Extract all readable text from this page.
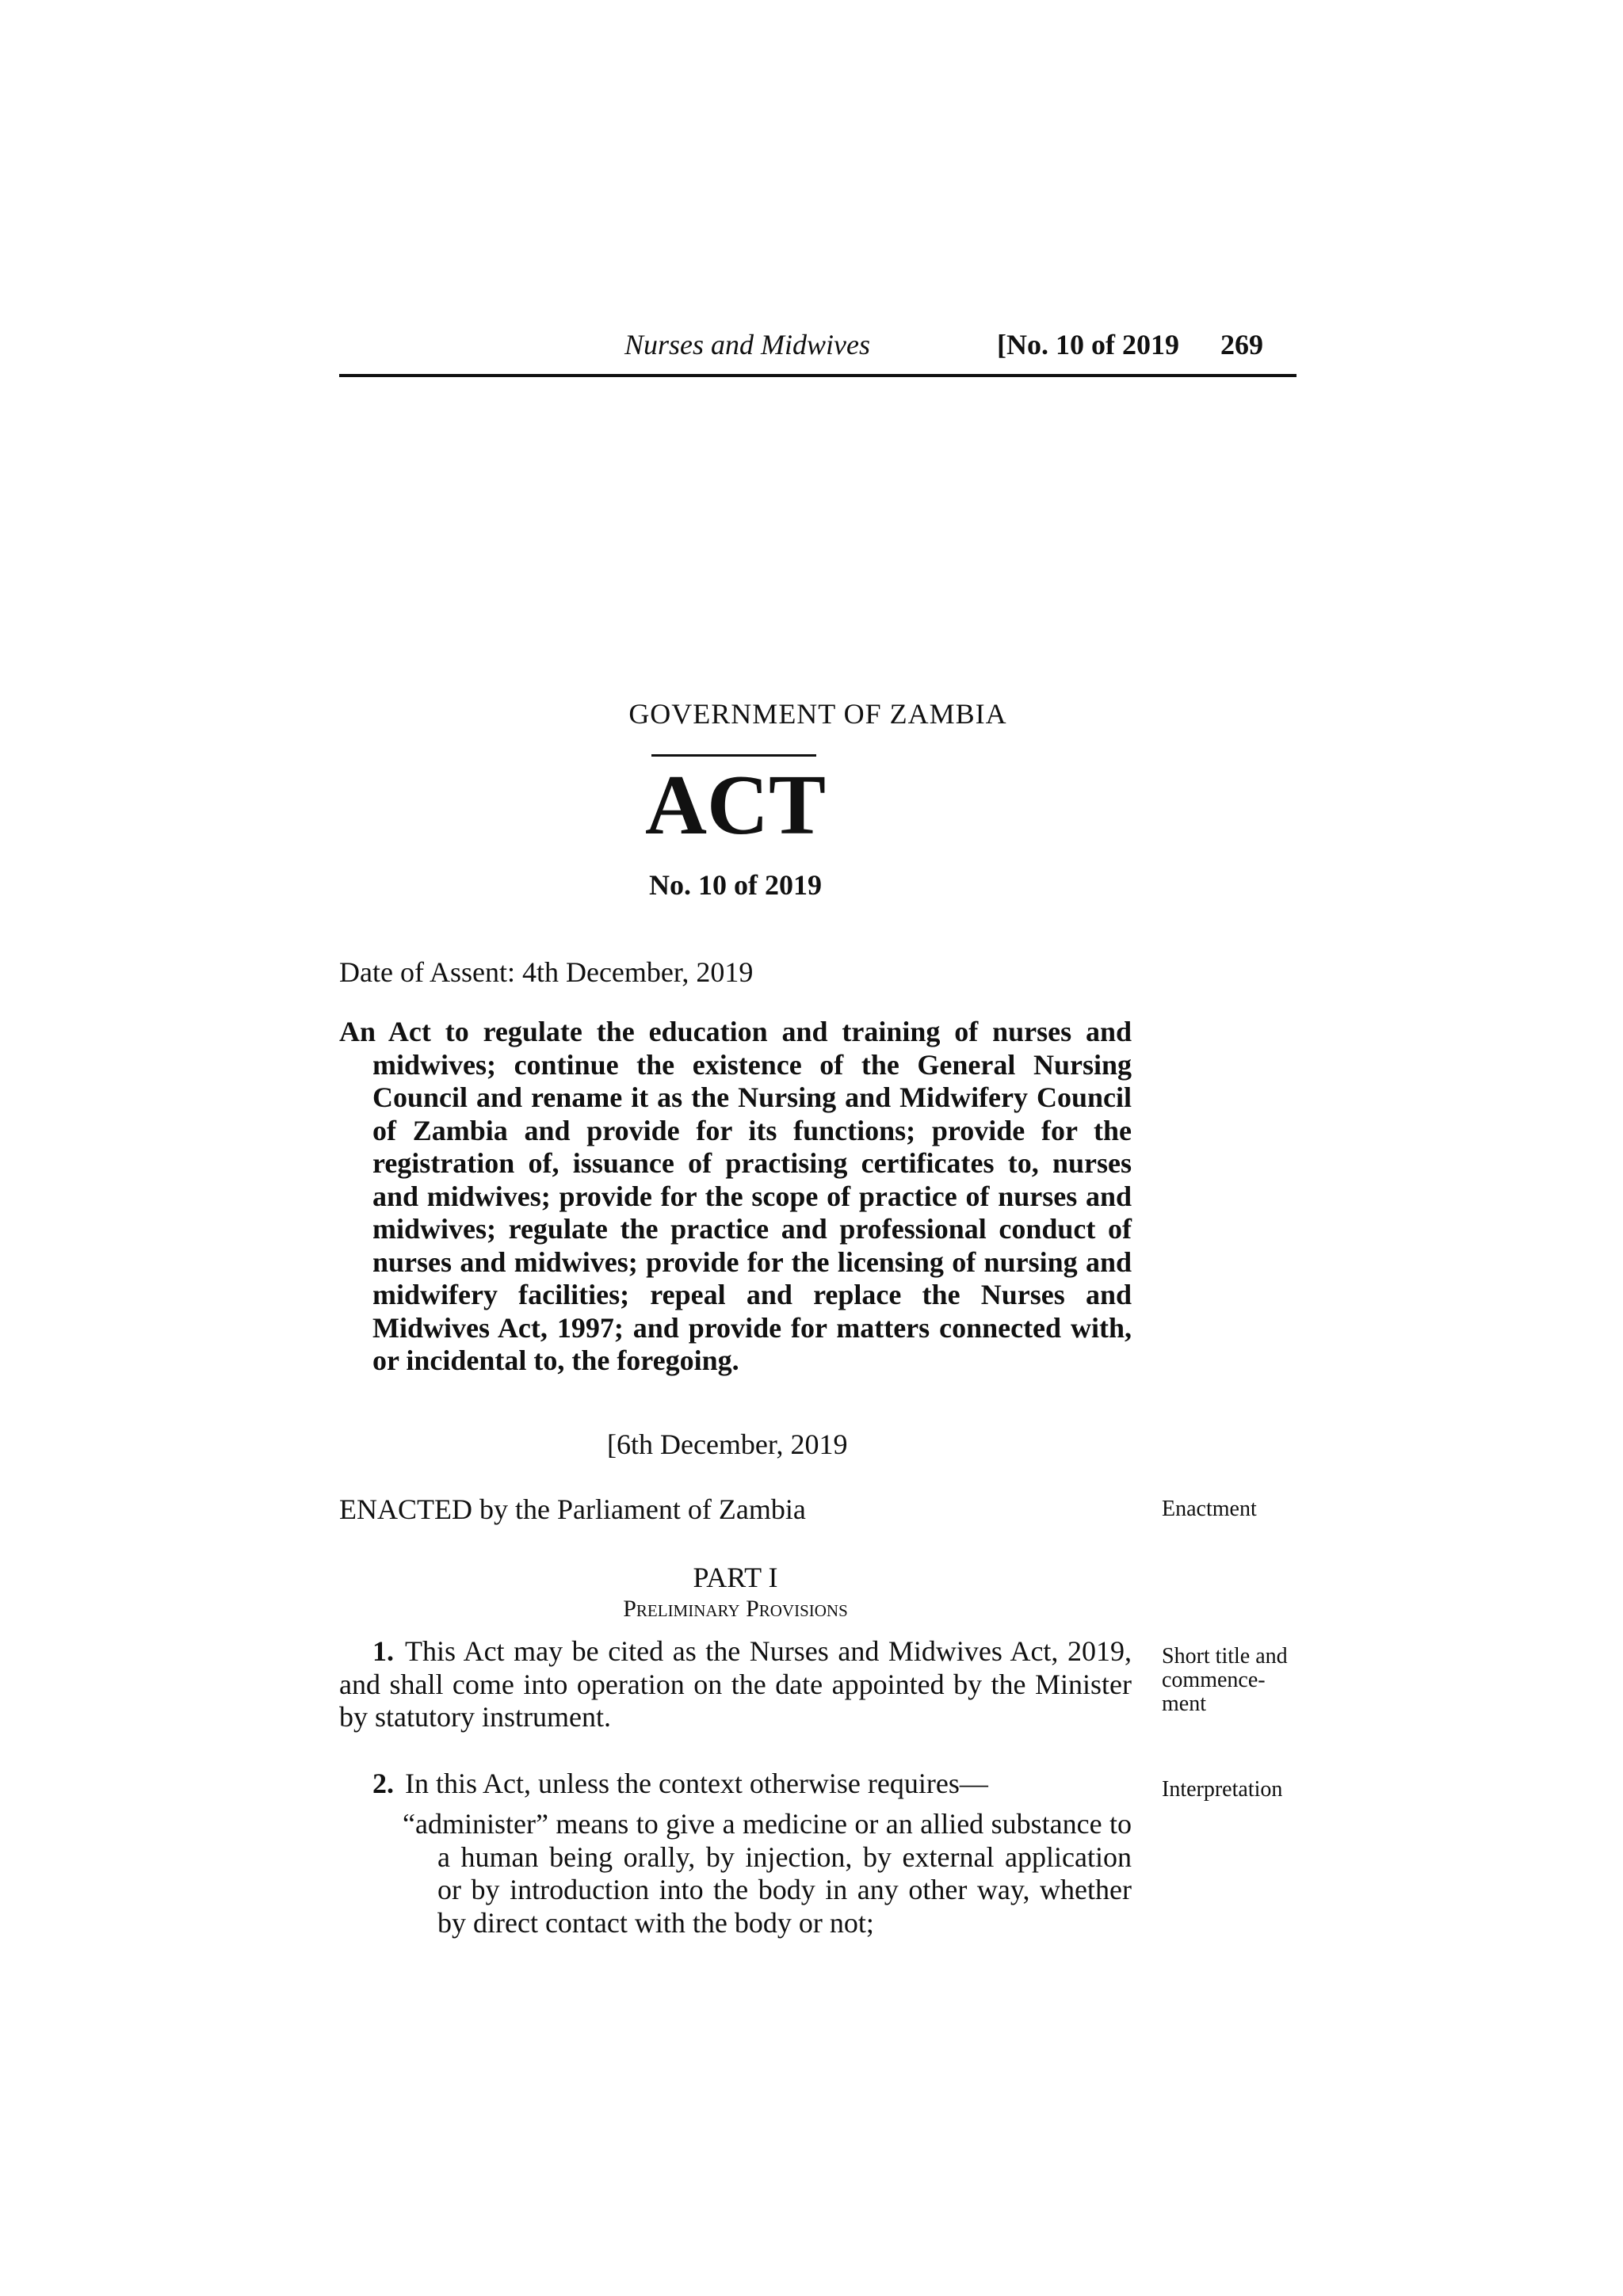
Nurses and Midwives	[No. 10 of 2019 269
GOVERNMENT OF ZAMBIA
ACT
No. 10 of 2019
Date of Assent: 4th December, 2019
An Act to regulate the education and training of nurses and midwives; continue the existence of the General Nursing Council and rename it as the Nursing and Midwifery Council of Zambia and provide for its functions; provide for the registration of, issuance of practising certificates to, nurses and midwives; provide for the scope of practice of nurses and midwives; regulate the practice and professional conduct of nurses and midwives; provide for the licensing of nursing and midwifery facilities; repeal and replace the Nurses and Midwives Act, 1997; and provide for matters connected with, or incidental to, the foregoing.
[6th December, 2019
ENACTED by the Parliament of Zambia
PART I
Preliminary Provisions
1. This Act may be cited as the Nurses and Midwives Act, 2019, and shall come into operation on the date appointed by the Minister by statutory instrument.
2. In this Act, unless the context otherwise requires—
“administer” means to give a medicine or an allied substance to a human being orally, by injection, by external application or by introduction into the body in any other way, whether by direct contact with the body or not;
Enactment
Short title and commence-ment
Interpretation
